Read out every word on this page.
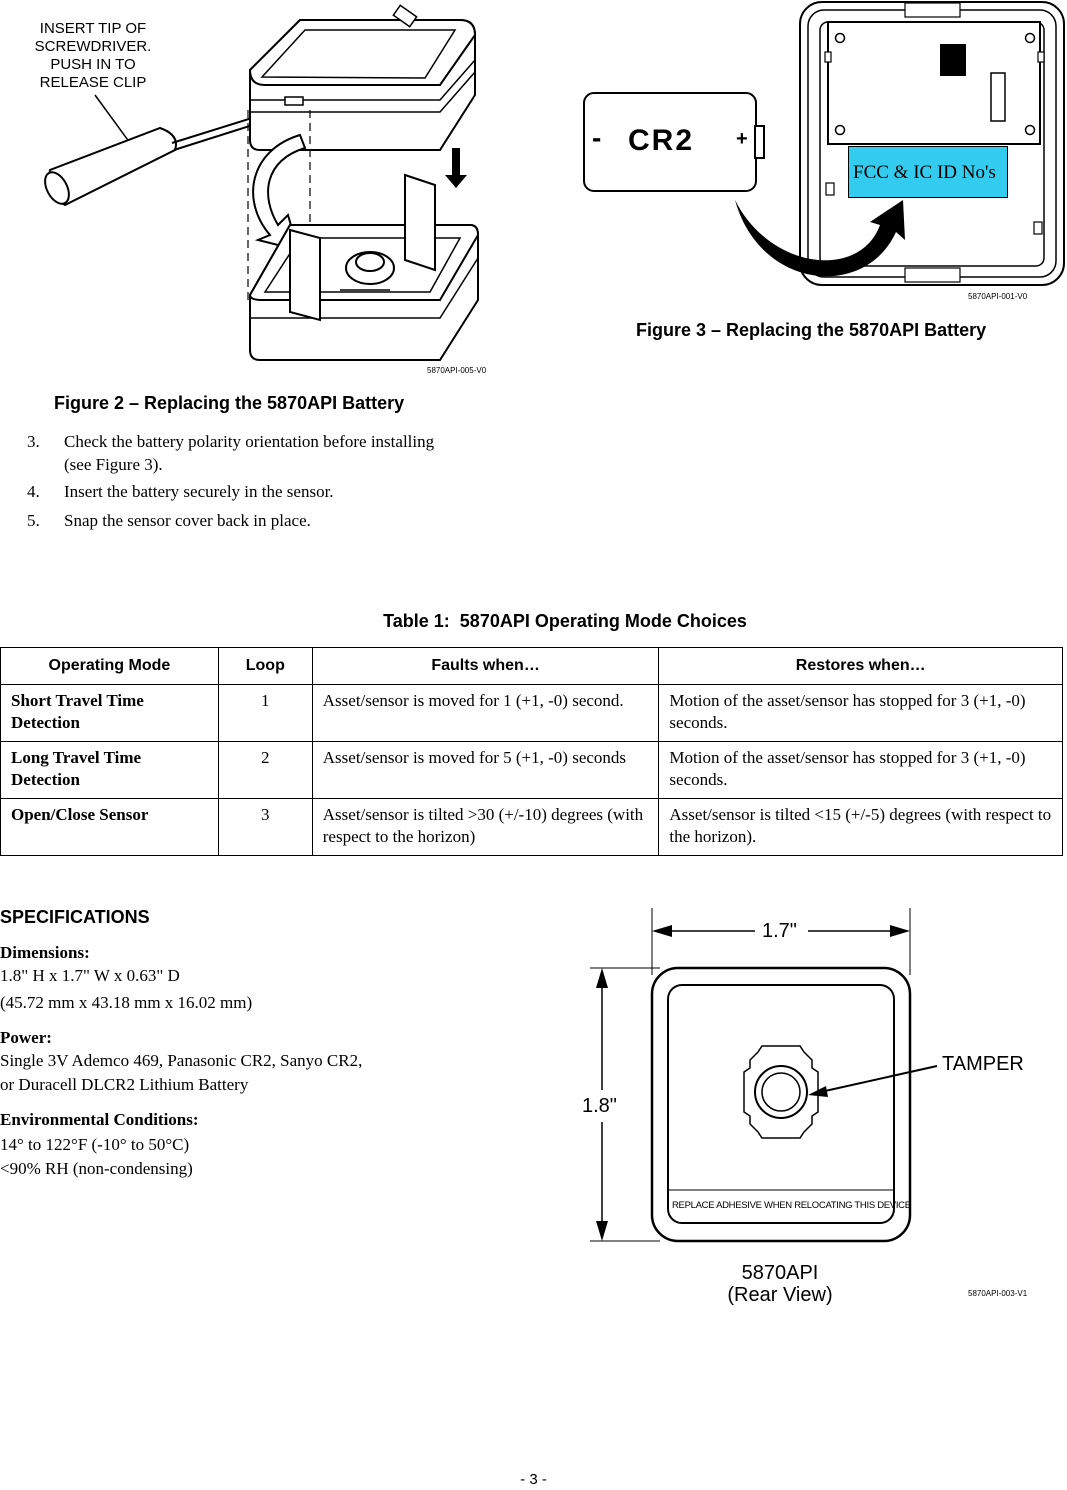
INSERT TIP OF
SCREWDRIVER.
PUSH IN TO
RELEASE CLIP
5870API-005-V0
Figure 2 – Replacing the 5870API Battery
- CR2 +
FCC & IC ID No's
5870API-001-V0
Figure 3 – Replacing the 5870API Battery
3. Check the battery polarity orientation before installing (see Figure 3).
4. Insert the battery securely in the sensor.
5. Snap the sensor cover back in place.
Table 1:  5870API Operating Mode Choices
Operating Mode	Loop	Faults when…	Restores when…
Short Travel Time Detection	1	Asset/sensor is moved for 1 (+1, -0) second.	Motion of the asset/sensor has stopped for 3 (+1, -0) seconds.
Long Travel Time Detection	2	Asset/sensor is moved for 5 (+1, -0) seconds	Motion of the asset/sensor has stopped for 3 (+1, -0) seconds.
Open/Close Sensor	3	Asset/sensor is tilted >30 (+/-10) degrees (with respect to the horizon)	Asset/sensor is tilted <15 (+/-5) degrees (with respect to the horizon).
SPECIFICATIONS
Dimensions:
1.8" H x 1.7" W x 0.63" D
(45.72 mm x 43.18 mm x 16.02 mm)
Power:
Single 3V Ademco 469, Panasonic CR2, Sanyo CR2,
or Duracell DLCR2 Lithium Battery
Environmental Conditions:
14° to 122°F (-10° to 50°C)
<90% RH (non-condensing)
1.7"
1.8"
TAMPER
REPLACE ADHESIVE WHEN RELOCATING THIS DEVICE
5870API
(Rear View)	5870API-003-V1
- 3 -
